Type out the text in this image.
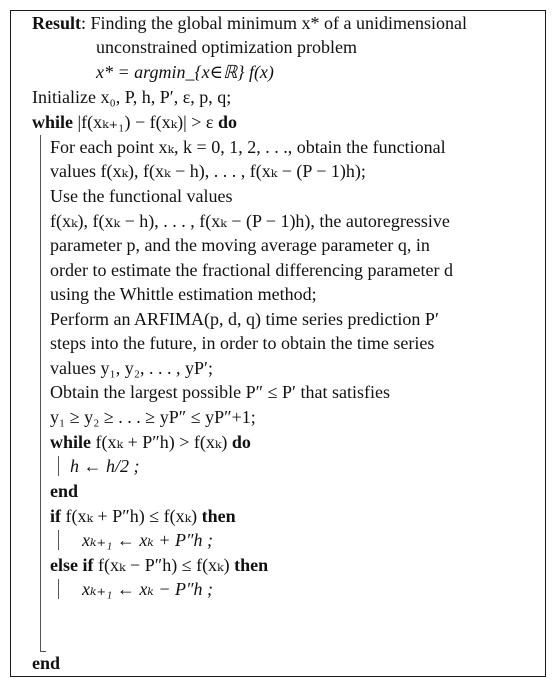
Result: Finding the global minimum x* of a unidimensional
unconstrained optimization problem
x* = argmin_{x∈ℝ} f(x)
Initialize x₀, P, h, P′, ε, p, q;
while |f(xₖ₊₁) − f(xₖ)| > ε do
For each point xₖ, k = 0, 1, 2, . . ., obtain the functional
values f(xₖ), f(xₖ − h), . . . , f(xₖ − (P − 1)h);
Use the functional values
f(xₖ), f(xₖ − h), . . . , f(xₖ − (P − 1)h), the autoregressive
parameter p, and the moving average parameter q, in
order to estimate the fractional differencing parameter d
using the Whittle estimation method;
Perform an ARFIMA(p, d, q) time series prediction P′
steps into the future, in order to obtain the time series
values y₁, y₂, . . . , yP′;
Obtain the largest possible P″ ≤ P′ that satisfies
y₁ ≥ y₂ ≥ . . . ≥ yP″ ≤ yP″+1;
while f(xₖ + P″h) > f(xₖ) do
h ← h/2 ;
end
if f(xₖ + P″h) ≤ f(xₖ) then
xₖ₊₁ ← xₖ + P″h ;
else if f(xₖ − P″h) ≤ f(xₖ) then
xₖ₊₁ ← xₖ − P″h ;
end
